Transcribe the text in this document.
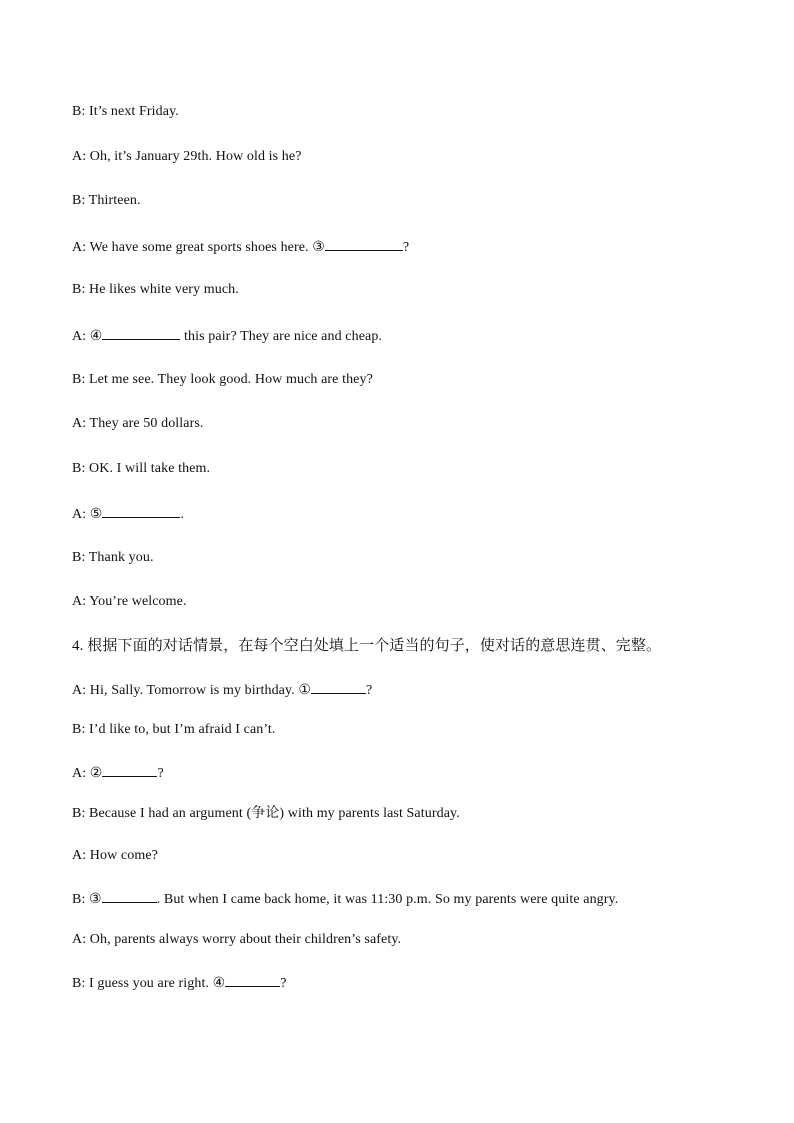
B: It’s next Friday.
A: Oh, it’s January 29th. How old is he?
B: Thirteen.
A: We have some great sports shoes here. ③	?
B: He likes white very much.
A: ④	this pair? They are nice and cheap.
B: Let me see. They look good. How much are they?
A: They are 50 dollars.
B: OK. I will take them.
A: ⑤	.
B: Thank you.
A: You’re welcome.
4. 根据下面的对话情景，在每个空白处填上一个适当的句子，使对话的意思连贯、完整。
A: Hi, Sally. Tomorrow is my birthday. ①	?
B: I’d like to, but I’m afraid I can’t.
A: ②	?
B: Because I had an argument (争论) with my parents last Saturday.
A: How come?
B: ③	. But when I came back home, it was 11:30 p.m. So my parents were quite angry.
A: Oh, parents always worry about their children’s safety.
B: I guess you are right. ④	?
